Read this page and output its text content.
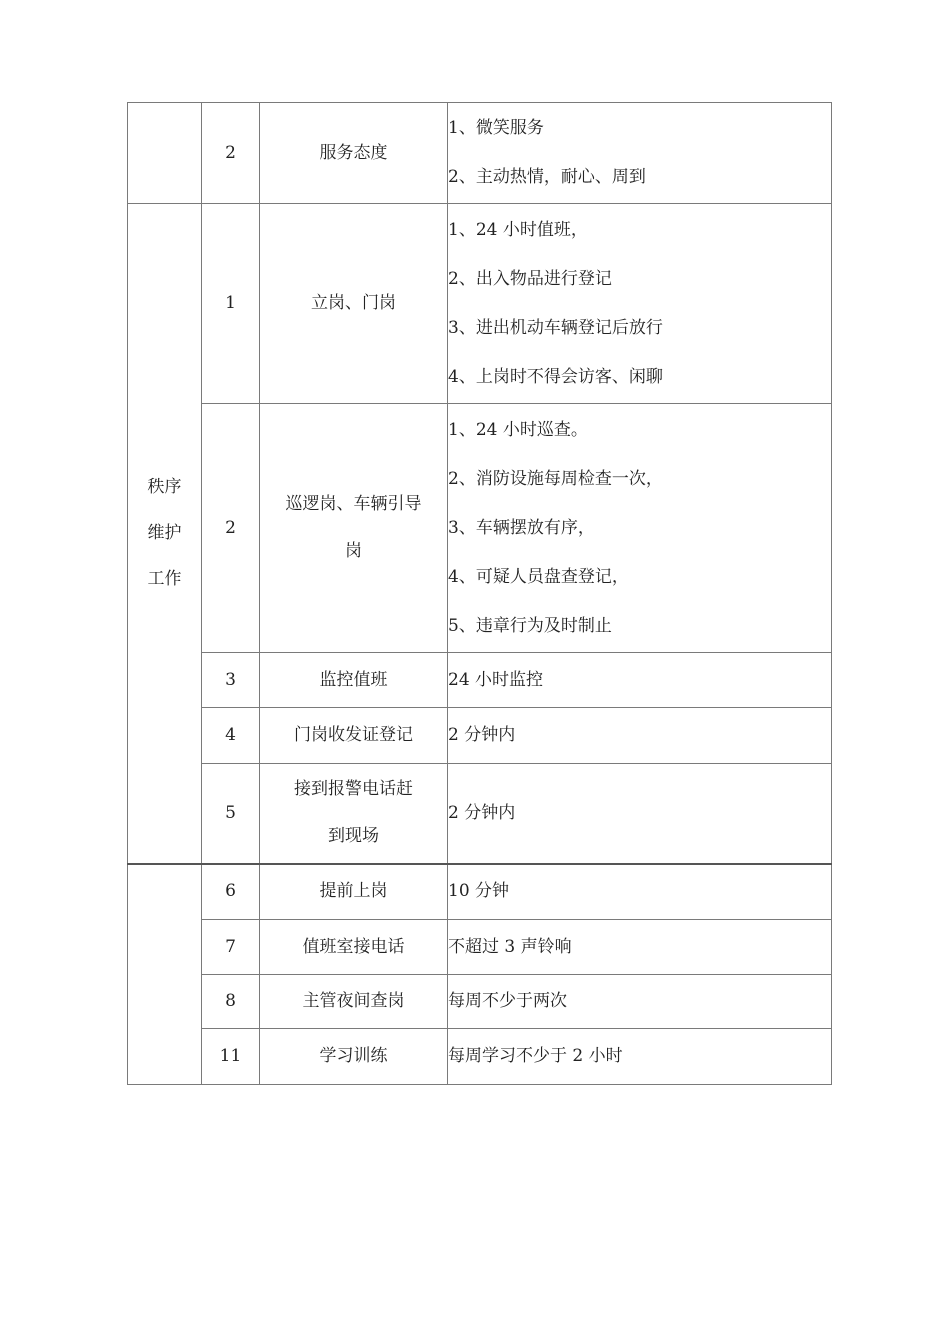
	2	服务态度	1、微笑服务
2、主动热情，耐心、周到

秩序
维护
工作	1	立岗、门岗	1、24 小时值班，
2、出入物品进行登记
3、进出机动车辆登记后放行
4、上岗时不得会访客、闲聊

	2	巡逻岗、车辆引导
岗	1、24 小时巡查。
2、消防设施每周检查一次，
3、车辆摆放有序，
4、可疑人员盘查登记，
5、违章行为及时制止

	3	监控值班	24 小时监控

	4	门岗收发证登记	2 分钟内

	5	接到报警电话赶
到现场	2 分钟内

	6	提前上岗	10 分钟

	7	值班室接电话	不超过 3 声铃响

	8	主管夜间查岗	每周不少于两次

	11	学习训练	每周学习不少于 2 小时
